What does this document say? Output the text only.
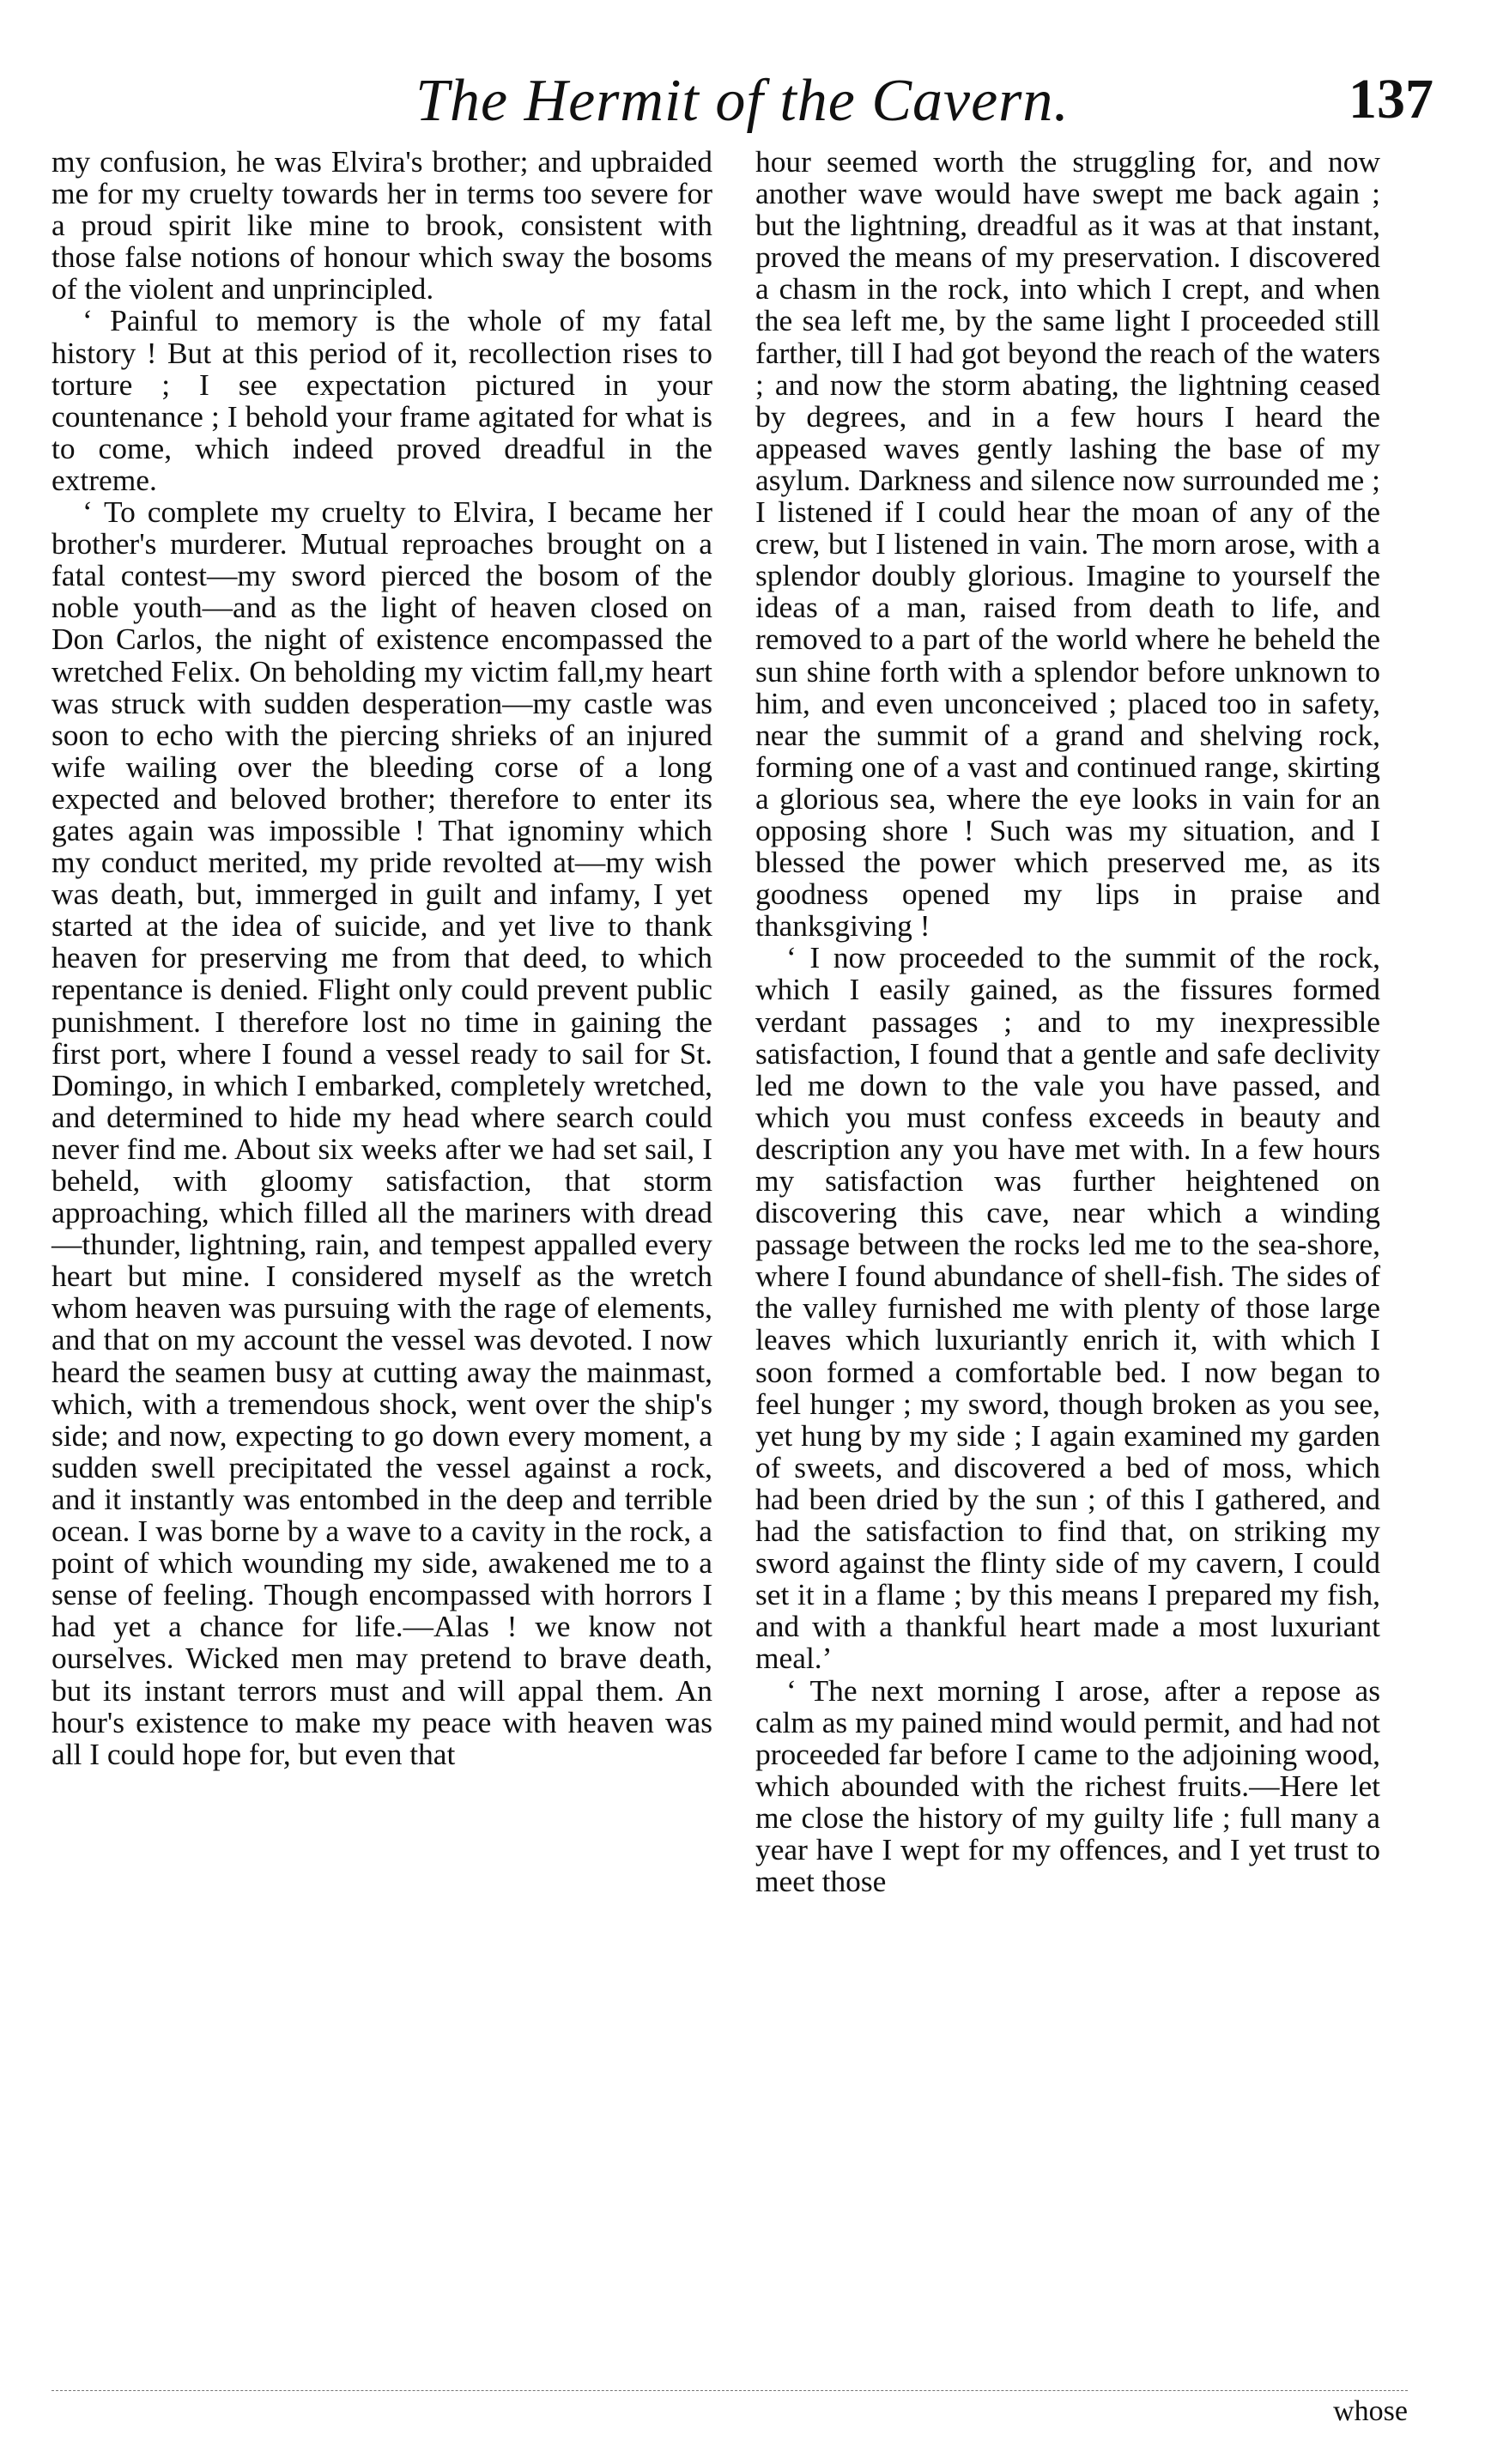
The Hermit of the Cavern.	137

my confusion, he was Elvira's brother; and upbraided me for my cruelty towards her in terms too severe for a proud spirit like mine to brook, consistent with those false notions of honour which sway the bosoms of the violent and unprincipled.

‘ Painful to memory is the whole of my fatal history ! But at this period of it, recollection rises to torture ; I see expectation pictured in your countenance ; I behold your frame agitated for what is to come, which indeed proved dreadful in the extreme.

‘ To complete my cruelty to Elvira, I became her brother's murderer. Mutual reproaches brought on a fatal contest—my sword pierced the bosom of the noble youth—and as the light of heaven closed on Don Carlos, the night of existence encompassed the wretched Felix. On beholding my victim fall,my heart was struck with sudden desperation—my castle was soon to echo with the piercing shrieks of an injured wife wailing over the bleeding corse of a long expected and beloved brother; therefore to enter its gates again was impossible ! That ignominy which my conduct merited, my pride revolted at—my wish was death, but, immerged in guilt and infamy, I yet started at the idea of suicide, and yet live to thank heaven for preserving me from that deed, to which repentance is denied. Flight only could prevent public punishment. I therefore lost no time in gaining the first port, where I found a vessel ready to sail for St. Domingo, in which I embarked, completely wretched, and determined to hide my head where search could never find me. About six weeks after we had set sail, I beheld, with gloomy satisfaction, that storm approaching, which filled all the mariners with dread—thunder, lightning, rain, and tempest appalled every heart but mine. I considered myself as the wretch whom heaven was pursuing with the rage of elements, and that on my account the vessel was devoted. I now heard the seamen busy at cutting away the mainmast, which, with a tremendous shock, went over the ship's side; and now, expecting to go down every moment, a sudden swell precipitated the vessel against a rock, and it instantly was entombed in the deep and terrible ocean. I was borne by a wave to a cavity in the rock, a point of which wounding my side, awakened me to a sense of feeling. Though encompassed with horrors I had yet a chance for life.—Alas ! we know not ourselves. Wicked men may pretend to brave death, but its instant terrors must and will appal them. An hour's existence to make my peace with heaven was all I could hope for, but even that

hour seemed worth the struggling for, and now another wave would have swept me back again ; but the lightning, dreadful as it was at that instant, proved the means of my preservation. I discovered a chasm in the rock, into which I crept, and when the sea left me, by the same light I proceeded still farther, till I had got beyond the reach of the waters ; and now the storm abating, the lightning ceased by degrees, and in a few hours I heard the appeased waves gently lashing the base of my asylum. Darkness and silence now surrounded me ; I listened if I could hear the moan of any of the crew, but I listened in vain. The morn arose, with a splendor doubly glorious. Imagine to yourself the ideas of a man, raised from death to life, and removed to a part of the world where he beheld the sun shine forth with a splendor before unknown to him, and even unconceived ; placed too in safety, near the summit of a grand and shelving rock, forming one of a vast and continued range, skirting a glorious sea, where the eye looks in vain for an opposing shore ! Such was my situation, and I blessed the power which preserved me, as its goodness opened my lips in praise and thanksgiving !

‘ I now proceeded to the summit of the rock, which I easily gained, as the fissures formed verdant passages ; and to my inexpressible satisfaction, I found that a gentle and safe declivity led me down to the vale you have passed, and which you must confess exceeds in beauty and description any you have met with. In a few hours my satisfaction was further heightened on discovering this cave, near which a winding passage between the rocks led me to the sea-shore, where I found abundance of shell-fish. The sides of the valley furnished me with plenty of those large leaves which luxuriantly enrich it, with which I soon formed a comfortable bed. I now began to feel hunger ; my sword, though broken as you see, yet hung by my side ; I again examined my garden of sweets, and discovered a bed of moss, which had been dried by the sun ; of this I gathered, and had the satisfaction to find that, on striking my sword against the flinty side of my cavern, I could set it in a flame ; by this means I prepared my fish, and with a thankful heart made a most luxuriant meal.’

‘ The next morning I arose, after a repose as calm as my pained mind would permit, and had not proceeded far before I came to the adjoining wood, which abounded with the richest fruits.—Here let me close the history of my guilty life ; full many a year have I wept for my offences, and I yet trust to meet those

whose
